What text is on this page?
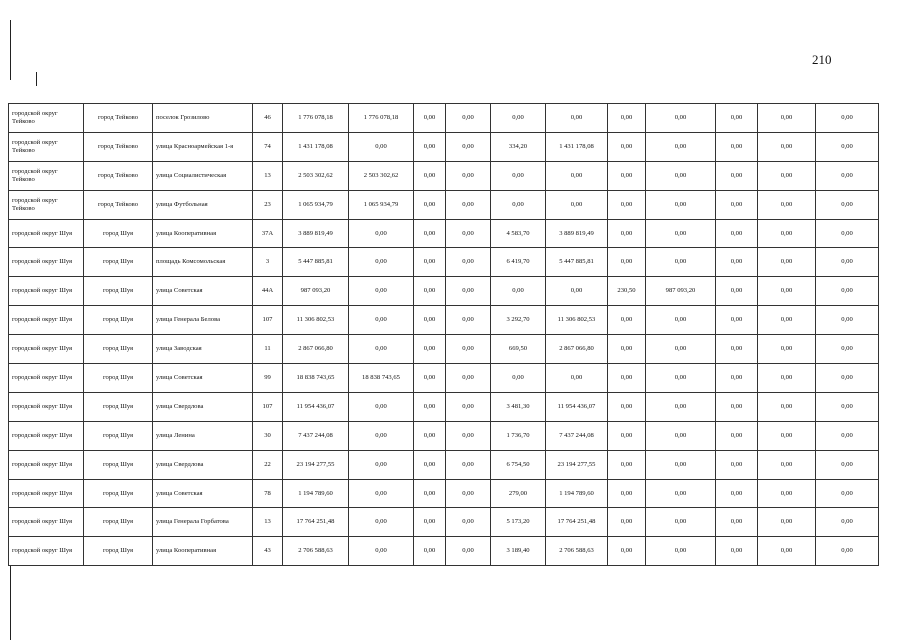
210
городской округ Тейково	город Тейково	поселок Грозилово	46	1 776 078,18	1 776 078,18	0,00	0,00	0,00	0,00	0,00	0,00	0,00	0,00	0,00
городской округ Тейково	город Тейково	улица Красноармейская 1-я	74	1 431 178,08	0,00	0,00	0,00	334,20	1 431 178,08	0,00	0,00	0,00	0,00	0,00
городской округ Тейково	город Тейково	улица Социалистическая	13	2 503 302,62	2 503 302,62	0,00	0,00	0,00	0,00	0,00	0,00	0,00	0,00	0,00
городской округ Тейково	город Тейково	улица Футбольная	23	1 065 934,79	1 065 934,79	0,00	0,00	0,00	0,00	0,00	0,00	0,00	0,00	0,00
городской округ Шуя	город Шуя	улица Кооперативная	37А	3 889 819,49	0,00	0,00	0,00	4 583,70	3 889 819,49	0,00	0,00	0,00	0,00	0,00
городской округ Шуя	город Шуя	площадь Комсомольская	3	5 447 885,81	0,00	0,00	0,00	6 419,70	5 447 885,81	0,00	0,00	0,00	0,00	0,00
городской округ Шуя	город Шуя	улица Советская	44А	987 093,20	0,00	0,00	0,00	0,00	0,00	230,50	987 093,20	0,00	0,00	0,00
городской округ Шуя	город Шуя	улица Генерала Белова	107	11 306 802,53	0,00	0,00	0,00	3 292,70	11 306 802,53	0,00	0,00	0,00	0,00	0,00
городской округ Шуя	город Шуя	улица Заводская	11	2 867 066,80	0,00	0,00	0,00	669,50	2 867 066,80	0,00	0,00	0,00	0,00	0,00
городской округ Шуя	город Шуя	улица Советская	99	18 838 743,65	18 838 743,65	0,00	0,00	0,00	0,00	0,00	0,00	0,00	0,00	0,00
городской округ Шуя	город Шуя	улица Свердлова	107	11 954 436,07	0,00	0,00	0,00	3 481,30	11 954 436,07	0,00	0,00	0,00	0,00	0,00
городской округ Шуя	город Шуя	улица Ленина	30	7 437 244,08	0,00	0,00	0,00	1 736,70	7 437 244,08	0,00	0,00	0,00	0,00	0,00
городской округ Шуя	город Шуя	улица Свердлова	22	23 194 277,55	0,00	0,00	0,00	6 754,50	23 194 277,55	0,00	0,00	0,00	0,00	0,00
городской округ Шуя	город Шуя	улица Советская	78	1 194 789,60	0,00	0,00	0,00	279,00	1 194 789,60	0,00	0,00	0,00	0,00	0,00
городской округ Шуя	город Шуя	улица Генерала Горбатова	13	17 764 251,48	0,00	0,00	0,00	5 173,20	17 764 251,48	0,00	0,00	0,00	0,00	0,00
городской округ Шуя	город Шуя	улица Кооперативная	43	2 706 588,63	0,00	0,00	0,00	3 189,40	2 706 588,63	0,00	0,00	0,00	0,00	0,00
